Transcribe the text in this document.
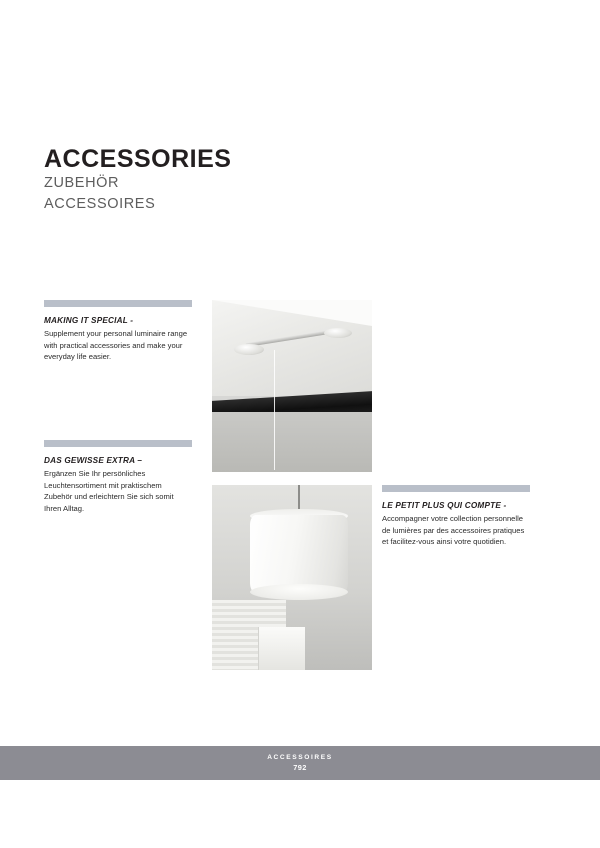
ACCESSORIES

ZUBEHÖR

ACCESSOIRES

MAKING IT SPECIAL -

Supplement your personal luminaire range with practical accessories and make your everyday life easier.

DAS GEWISSE EXTRA –

Ergänzen Sie Ihr persönliches Leuchtensortiment mit praktischem Zubehör und erleichtern Sie sich somit Ihren Alltag.	LE PETIT PLUS QUI COMPTE -

Accompagner votre collection personnelle de lumières par des accessoires pratiques et facilitez-vous ainsi votre quotidien.

ACCESSOIRES
792
